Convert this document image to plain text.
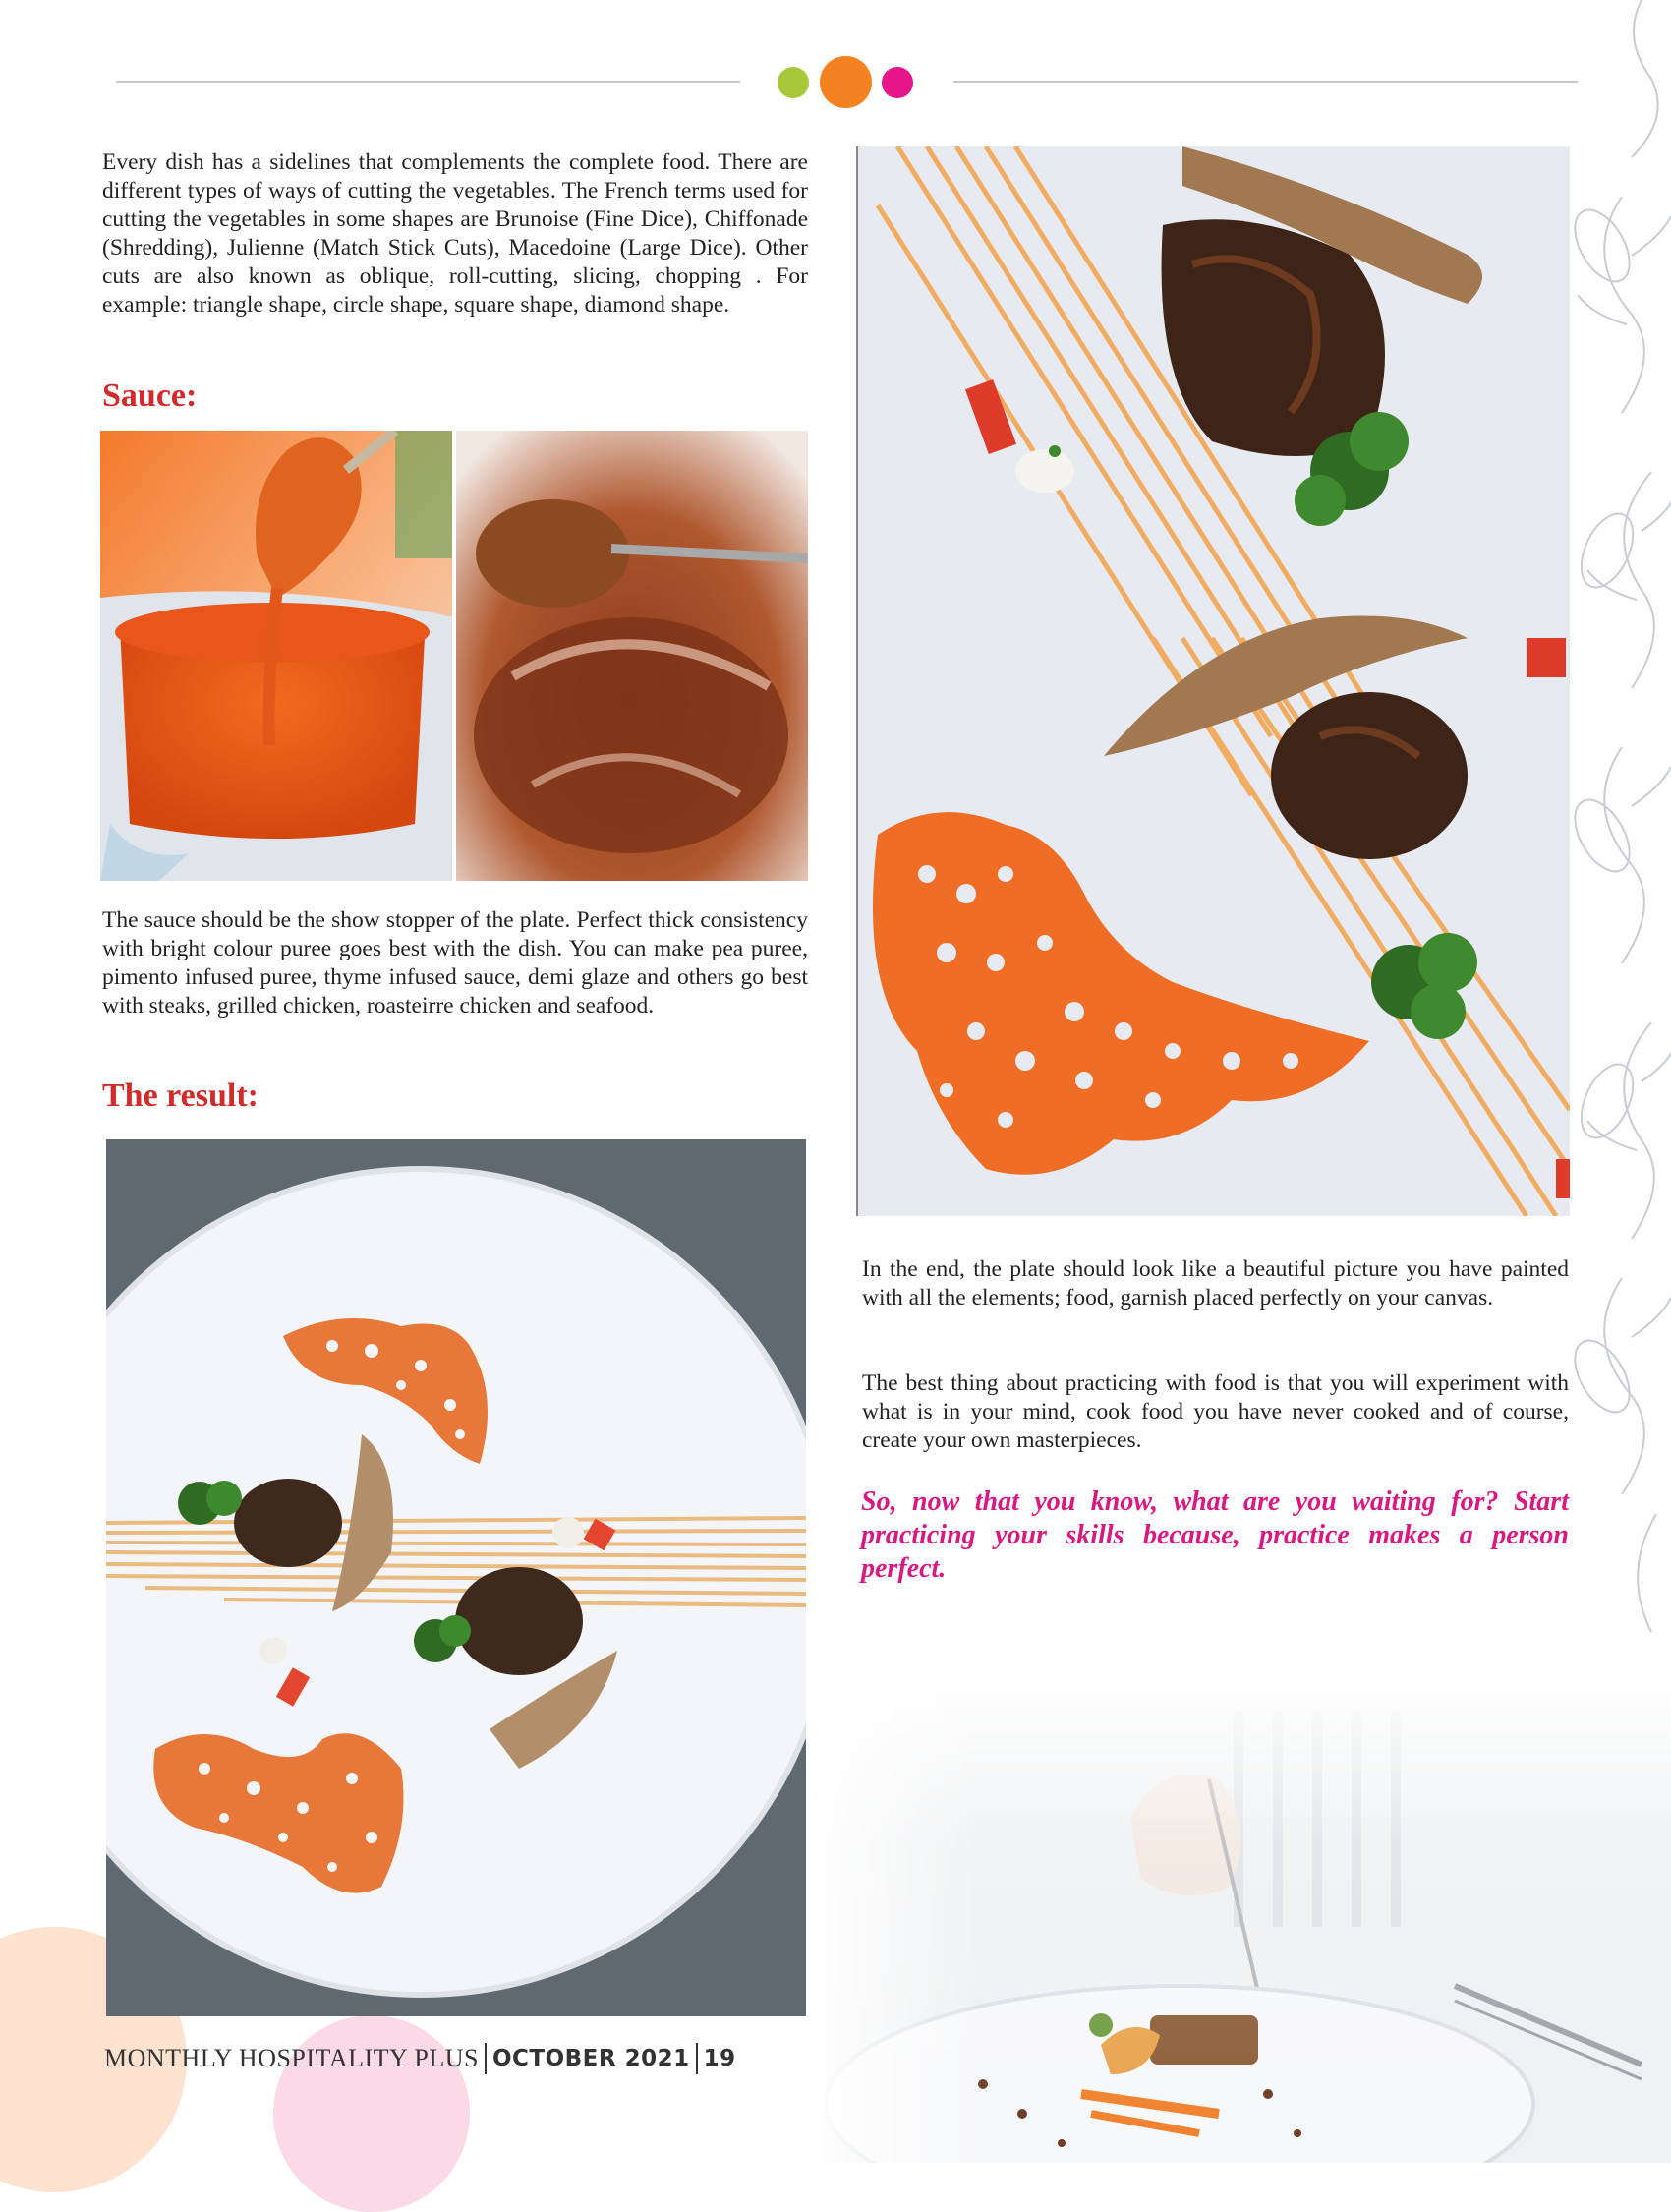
Every dish has a sidelines that complements the complete food. There are different types of ways of cutting the vegetables. The French terms used for cutting the vegetables in some shapes are Brunoise (Fine Dice), Chiffonade (Shredding), Julienne (Match Stick Cuts), Macedoine (Large Dice). Other cuts are also known as oblique, roll-cutting, slicing, chopping . For example: triangle shape, circle shape, square shape, diamond shape.

Sauce:

The sauce should be the show stopper of the plate. Perfect thick consistency with bright colour puree goes best with the dish. You can make pea puree, pimento infused puree, thyme infused sauce, demi glaze and others go best with steaks, grilled chicken, roasteirre chicken and seafood.

The result:

In the end, the plate should look like a beautiful picture you have painted with all the elements; food, garnish placed perfectly on your canvas.

The best thing about practicing with food is that you will experiment with what is in your mind, cook food you have never cooked and of course, create your own masterpieces.

So, now that you know, what are you waiting for? Start practicing your skills because, practice makes a person perfect.

MONTHLY HOSPITALITY PLUS OCTOBER 2021 19
